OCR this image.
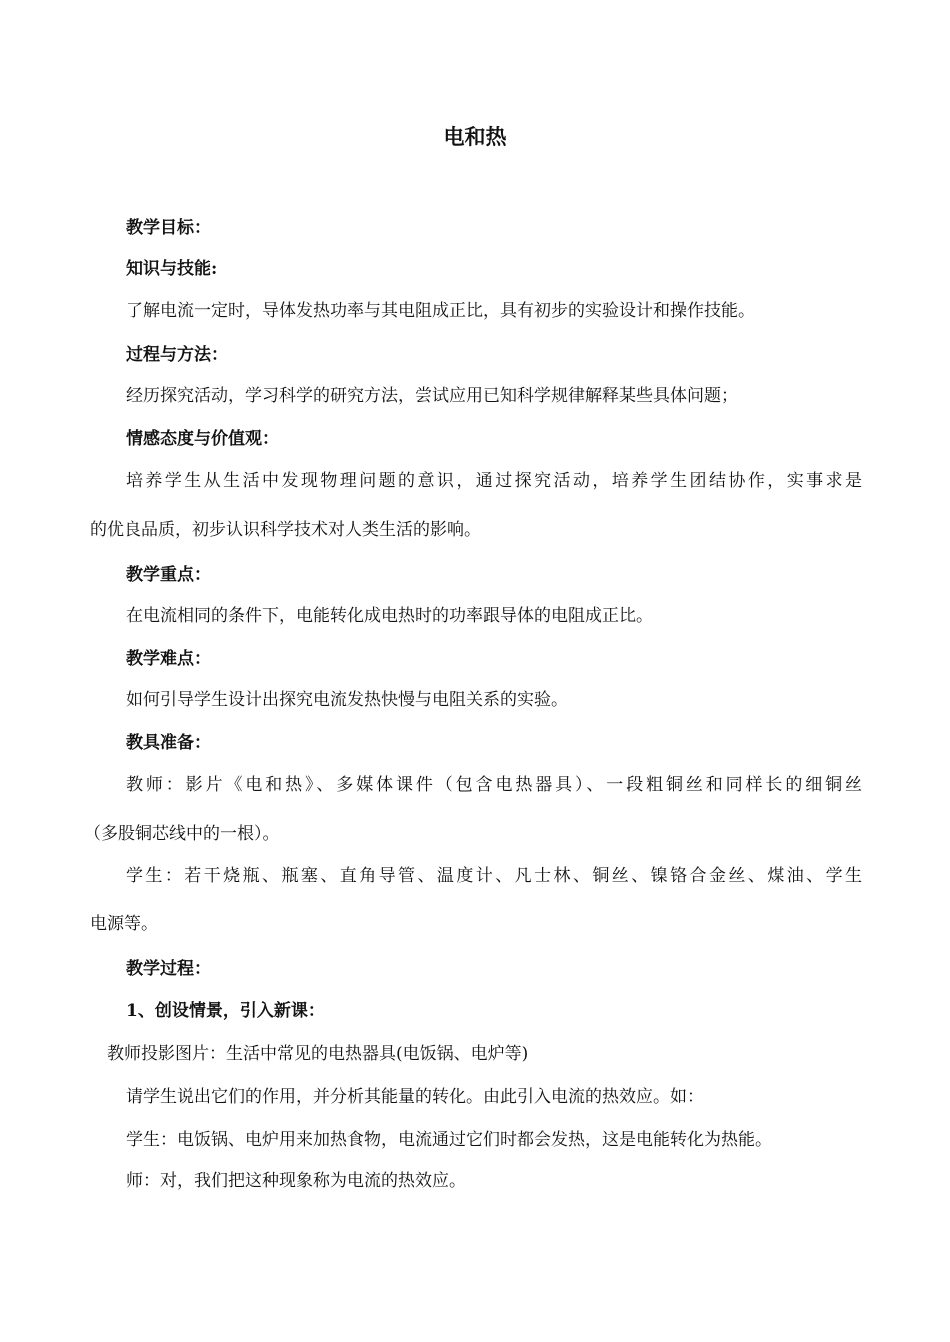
电和热
教学目标：
知识与技能:
了解电流一定时，导体发热功率与其电阻成正比，具有初步的实验设计和操作技能。
过程与方法：
经历探究活动，学习科学的研究方法，尝试应用已知科学规律解释某些具体问题；
情感态度与价值观：
培养学生从生活中发现物理问题的意识，通过探究活动，培养学生团结协作，实事求是
的优良品质，初步认识科学技术对人类生活的影响。
教学重点：
在电流相同的条件下，电能转化成电热时的功率跟导体的电阻成正比。
教学难点：
如何引导学生设计出探究电流发热快慢与电阻关系的实验。
教具准备：
教师：影片《电和热》、多媒体课件（包含电热器具）、一段粗铜丝和同样长的细铜丝
（多股铜芯线中的一根）。
学生：若干烧瓶、瓶塞、直角导管、温度计、凡士林、铜丝、镍铬合金丝、煤油、学生
电源等。
教学过程：
1、创设情景，引入新课：
教师投影图片：生活中常见的电热器具(电饭锅、电炉等)
请学生说出它们的作用，并分析其能量的转化。由此引入电流的热效应。如：
学生：电饭锅、电炉用来加热食物，电流通过它们时都会发热，这是电能转化为热能。
师：对，我们把这种现象称为电流的热效应。
